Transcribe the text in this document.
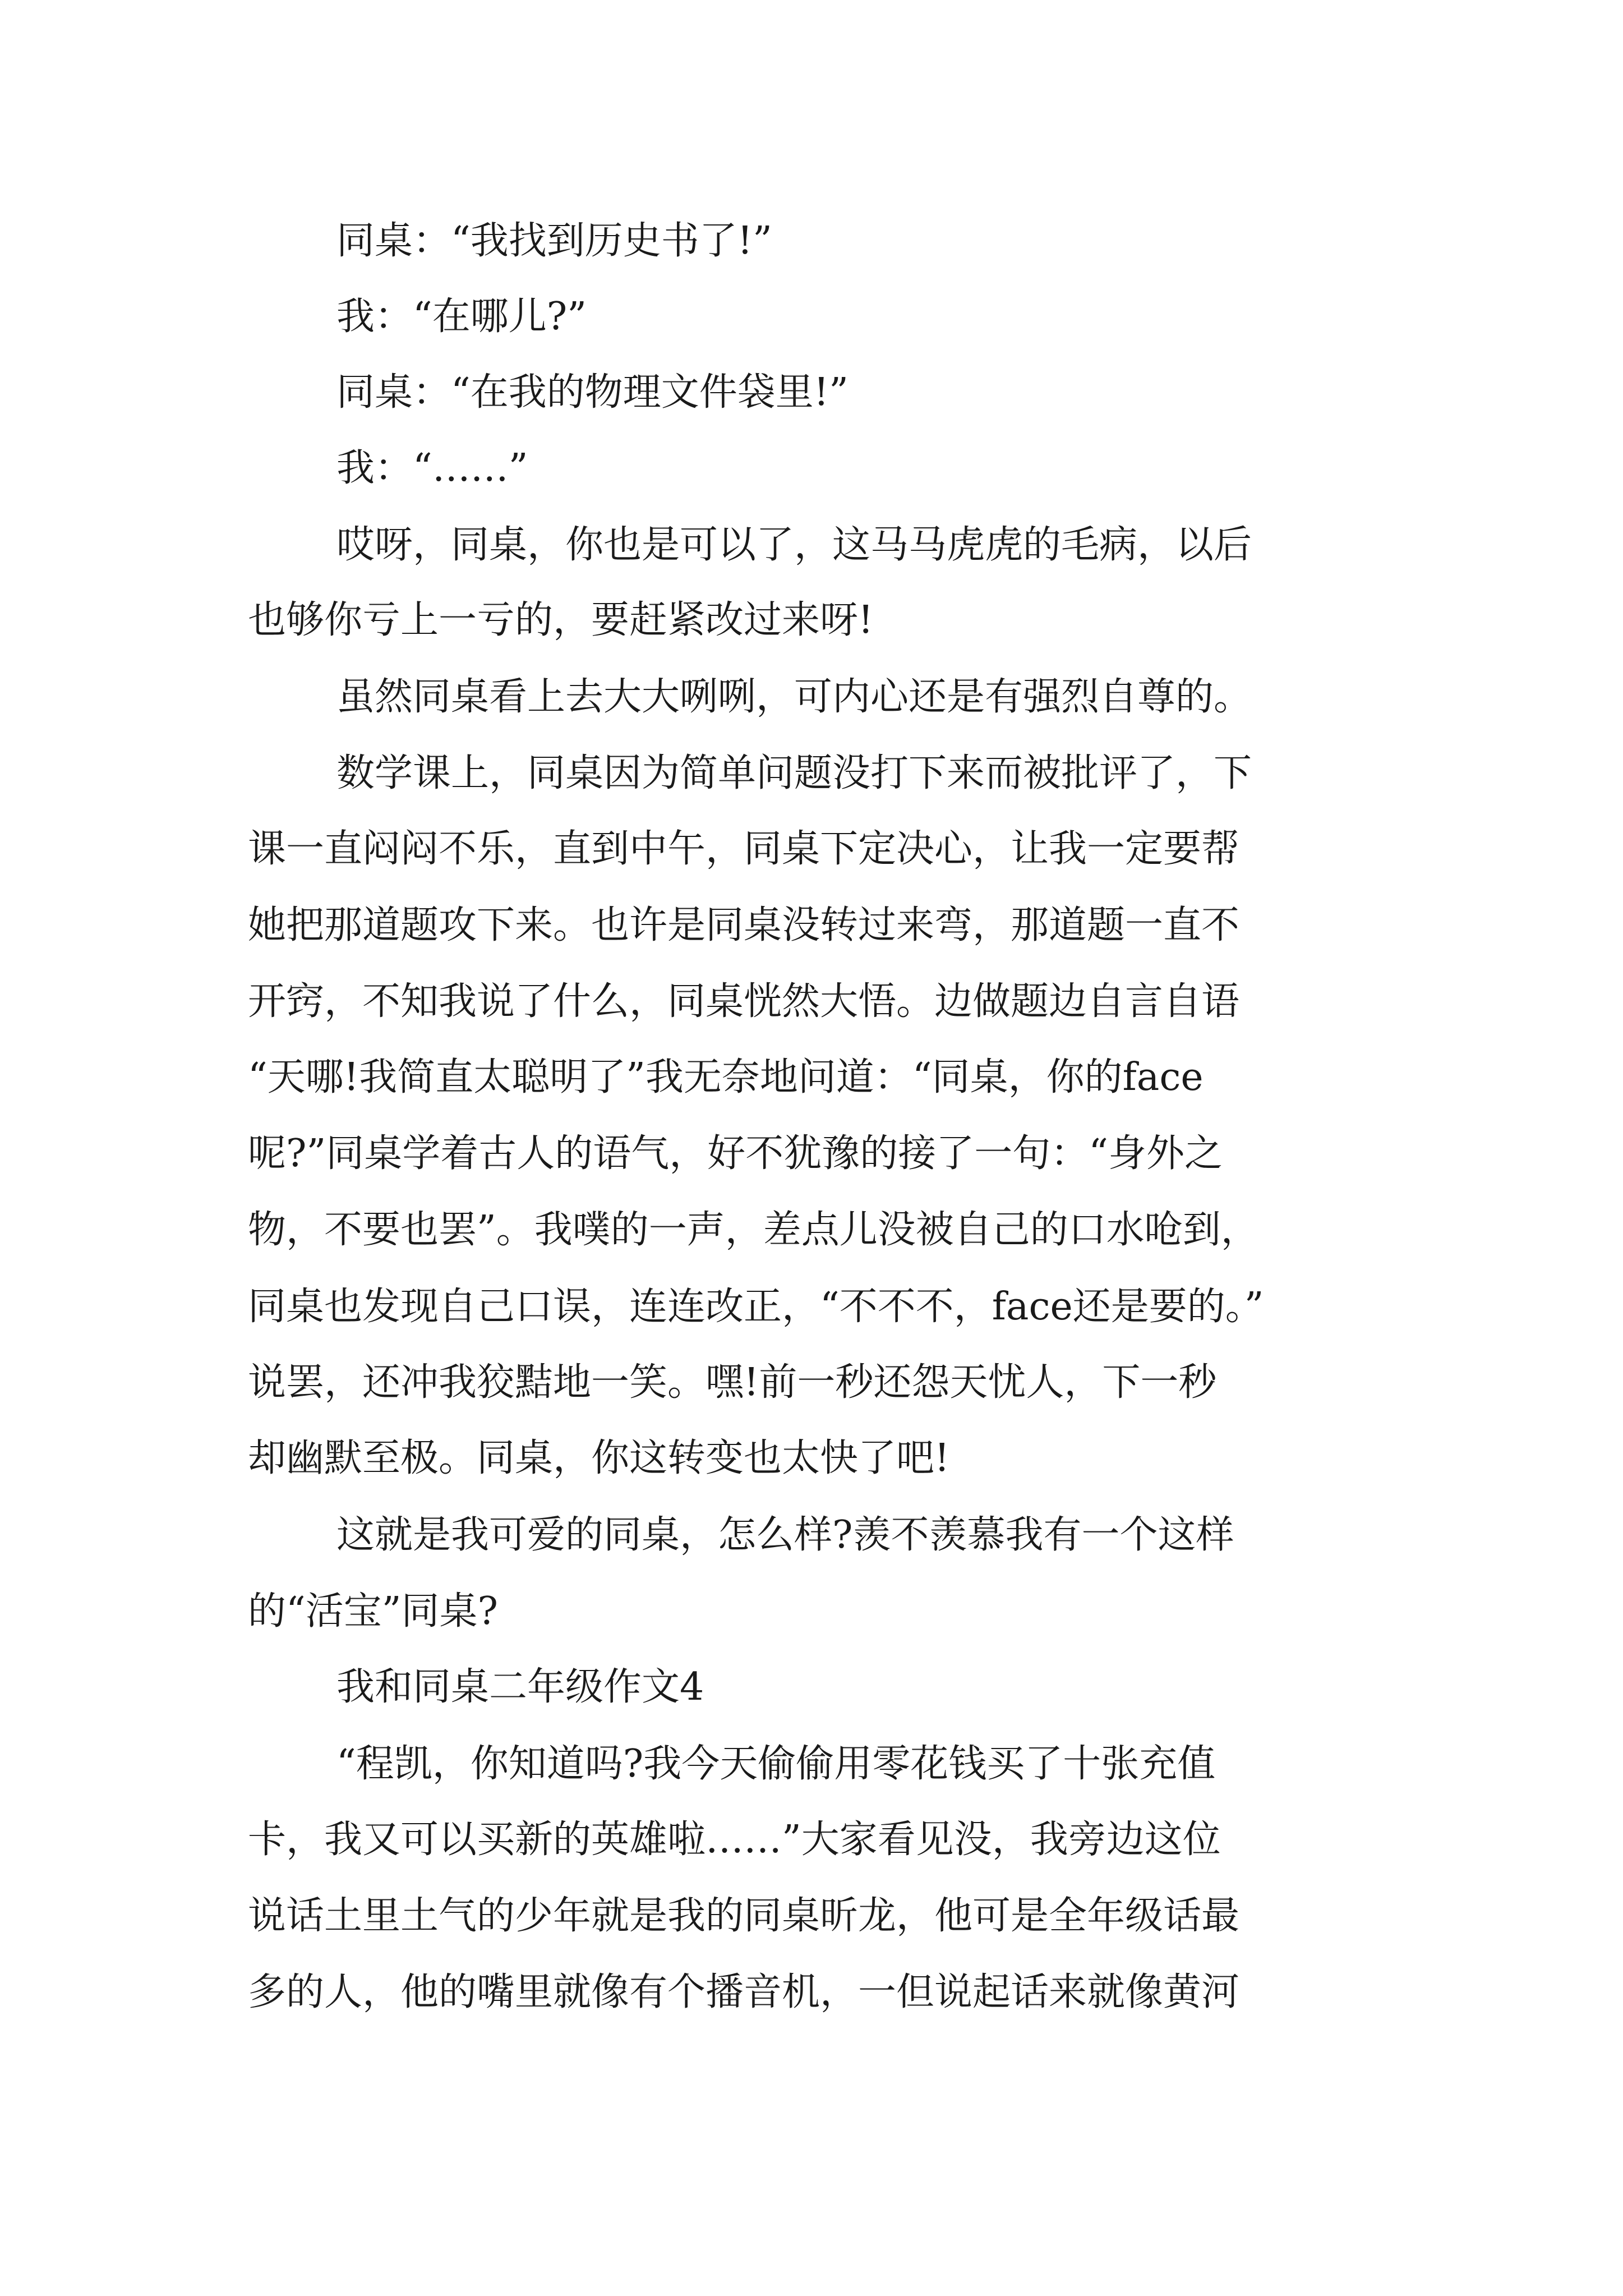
同桌：“我找到历史书了!”
我：“在哪儿?”
同桌：“在我的物理文件袋里!”
我：“……”
哎呀，同桌，你也是可以了，这马马虎虎的毛病，以后
也够你亏上一亏的，要赶紧改过来呀!
虽然同桌看上去大大咧咧，可内心还是有强烈自尊的。
数学课上，同桌因为简单问题没打下来而被批评了，下
课一直闷闷不乐，直到中午，同桌下定决心，让我一定要帮
她把那道题攻下来。也许是同桌没转过来弯，那道题一直不
开窍，不知我说了什么，同桌恍然大悟。边做题边自言自语
“天哪!我简直太聪明了”我无奈地问道：“同桌，你的face
呢?”同桌学着古人的语气，好不犹豫的接了一句：“身外之
物，不要也罢”。我噗的一声，差点儿没被自己的口水呛到，
同桌也发现自己口误，连连改正，“不不不，face还是要的。”
说罢，还冲我狡黠地一笑。嘿!前一秒还怨天忧人，下一秒
却幽默至极。同桌，你这转变也太快了吧!
这就是我可爱的同桌，怎么样?羡不羡慕我有一个这样
的“活宝”同桌?
我和同桌二年级作文4
“程凯，你知道吗?我今天偷偷用零花钱买了十张充值
卡，我又可以买新的英雄啦……”大家看见没，我旁边这位
说话土里土气的少年就是我的同桌昕龙，他可是全年级话最
多的人，他的嘴里就像有个播音机，一但说起话来就像黄河
